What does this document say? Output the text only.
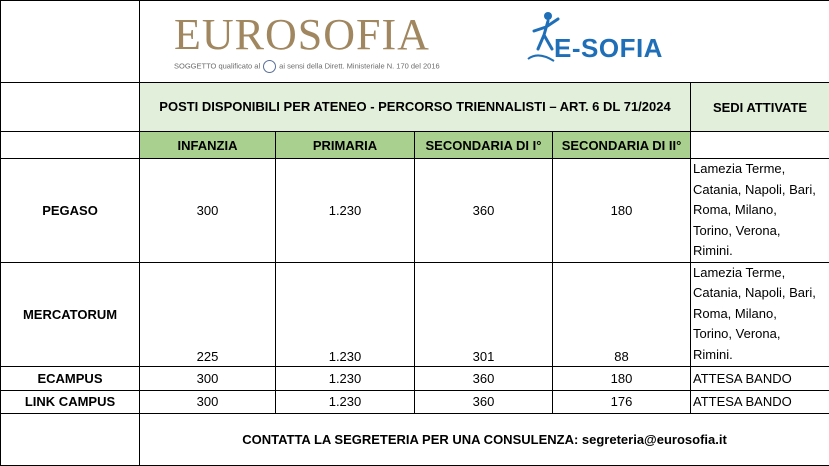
	EUROSOFIA
SOGGETTO qualificato al ai sensi della Dirett. Ministeriale N. 170 del 2016
E-SOFIA				

	POSTI DISPONIBILI PER ATENEO - PERCORSO TRIENNALISTI – ART. 6 DL 71/2024				SEDI ATTIVATE
	INFANZIA	PRIMARIA	SECONDARIA DI I°	SECONDARIA DI II°	
PEGASO	300	1.230	360	180	Lamezia Terme,
Catania, Napoli, Bari,
Roma, Milano,
Torino, Verona,
Rimini.

MERCATORUM	225	1.230	301	88	Lamezia Terme,
Catania, Napoli, Bari,
Roma, Milano,
Torino, Verona,
Rimini.

ECAMPUS	300	1.230	360	180	ATTESA BANDO
LINK CAMPUS	300	1.230	360	176	ATTESA BANDO
	CONTATTA LA SEGRETERIA PER UNA CONSULENZA: segreteria@eurosofia.it				
